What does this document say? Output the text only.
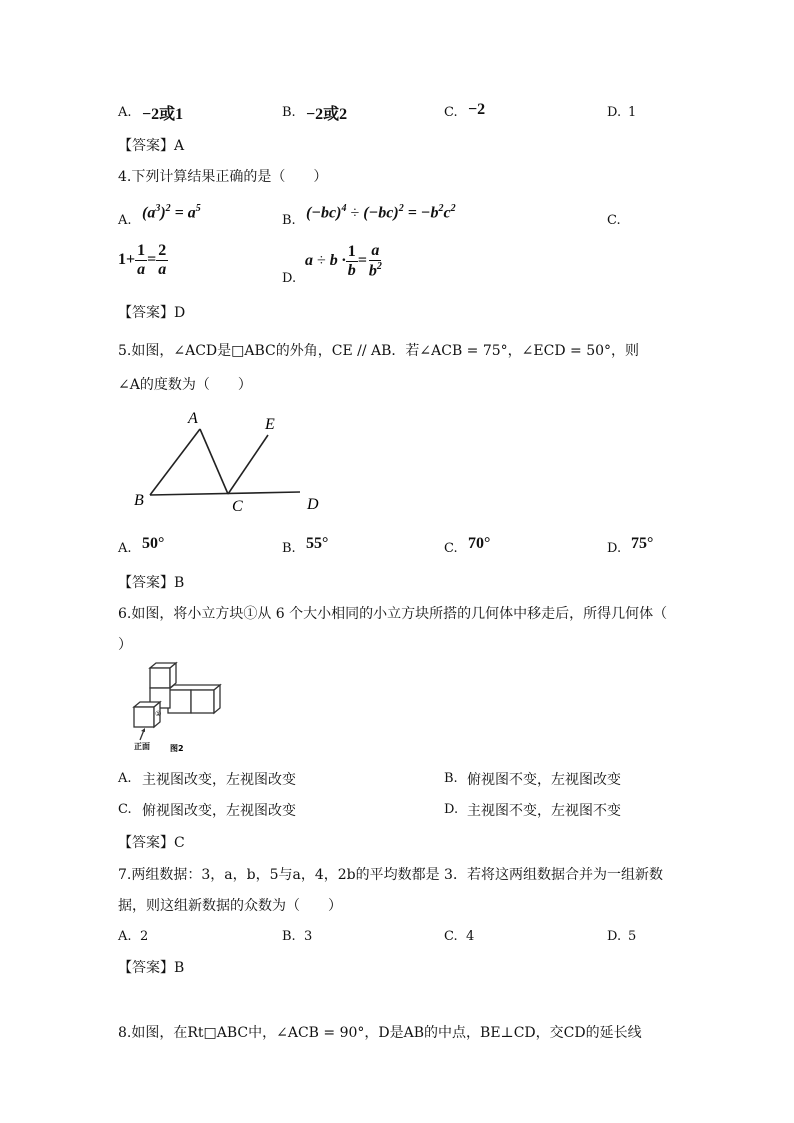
A. −2或1	B. −2或2	C. −2	D. 1
【答案】A
4.下列计算结果正确的是（　　）
A. $(a^3)^2 = a^5$
B. $(-bc)^4 \div (-bc)^2 = -b^2c^2$
C.
$1+ \frac{1}{a} = \frac{2}{a}$
D.
$a \div b \cdot \frac{1}{b} = \frac{a}{b^2}$
【答案】D
5.如图，∠ACD是□ABC的外角，CE // AB．若∠ACB = 75°，∠ECD = 50°，则
∠A的度数为（　　）
A	E
B	C	D
A. 50°	B. 55°	C. 70°	D. 75°
【答案】B
6.如图，将小立方块①从 6 个大小相同的小立方块所搭的几何体中移走后，所得几何体（
）
①
正面	图2
A. 主视图改变，左视图改变	B. 俯视图不变，左视图改变
C. 俯视图改变，左视图改变	D. 主视图不变，左视图不变
【答案】C
7.两组数据：3，a，b，5与a，4，2b的平均数都是 3．若将这两组数据合并为一组新数
据，则这组新数据的众数为（　　）
A. 2	B. 3	C. 4	D. 5
【答案】B
8.如图，在Rt□ABC中，∠ACB = 90°，D是AB的中点，BE⊥CD，交CD的延长线
